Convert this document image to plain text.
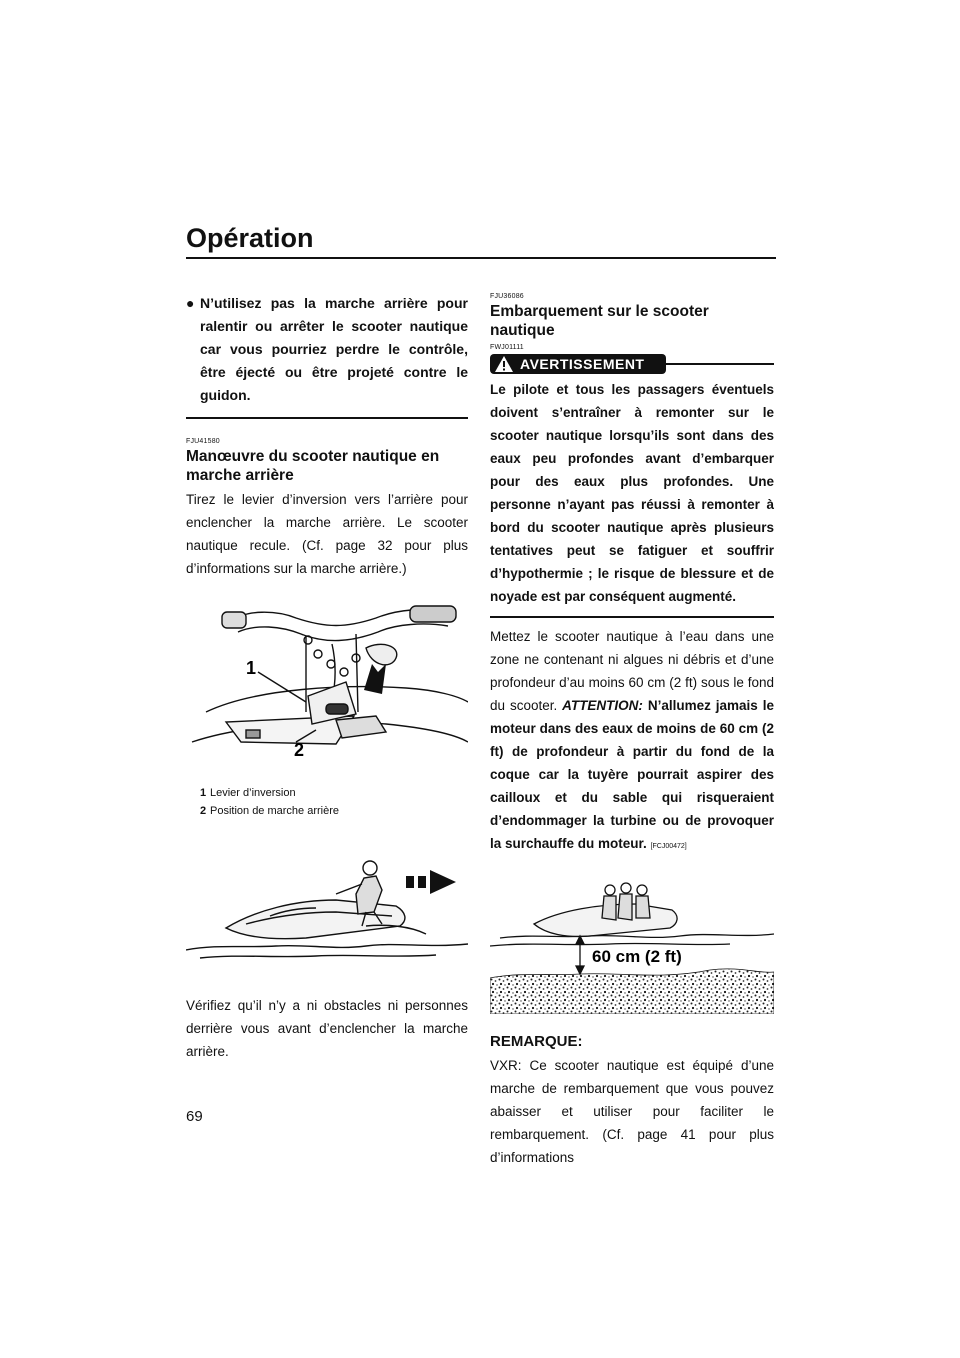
Opération
● N’utilisez pas la marche arrière pour ralentir ou arrêter le scooter nautique car vous pourriez perdre le contrôle, être éjecté ou être projeté contre le guidon.
FJU41580
Manœuvre du scooter nautique en marche arrière
Tirez le levier d’inversion vers l’arrière pour enclencher la marche arrière. Le scooter nautique recule. (Cf. page 32 pour plus d’informations sur la marche arrière.)
1
2
1 Levier d’inversion
2 Position de marche arrière
Vérifiez qu’il n’y a ni obstacles ni personnes derrière vous avant d’enclencher la marche arrière.
FJU36086
Embarquement sur le scooter nautique
FWJ01111
AVERTISSEMENT
Le pilote et tous les passagers éventuels doivent s’entraîner à remonter sur le scooter nautique lorsqu’ils sont dans des eaux peu profondes avant d’embarquer pour des eaux plus profondes. Une personne n’ayant pas réussi à remonter à bord du scooter nautique après plusieurs tentatives peut se fatiguer et souffrir d’hypothermie ; le risque de blessure et de noyade est par conséquent augmenté.
Mettez le scooter nautique à l’eau dans une zone ne contenant ni algues ni débris et d’une profondeur d’au moins 60 cm (2 ft) sous le fond du scooter. ATTENTION: N’allumez jamais le moteur dans des eaux de moins de 60 cm (2 ft) de profondeur à partir du fond de la coque car la tuyère pourrait aspirer des cailloux et du sable qui risqueraient d’endommager la turbine ou de provoquer la surchauffe du moteur. [FCJ00472]
60 cm (2 ft)
REMARQUE:
VXR: Ce scooter nautique est équipé d’une marche de rembarquement que vous pouvez abaisser et utiliser pour faciliter le rembarquement. (Cf. page 41 pour plus d’informations
69
